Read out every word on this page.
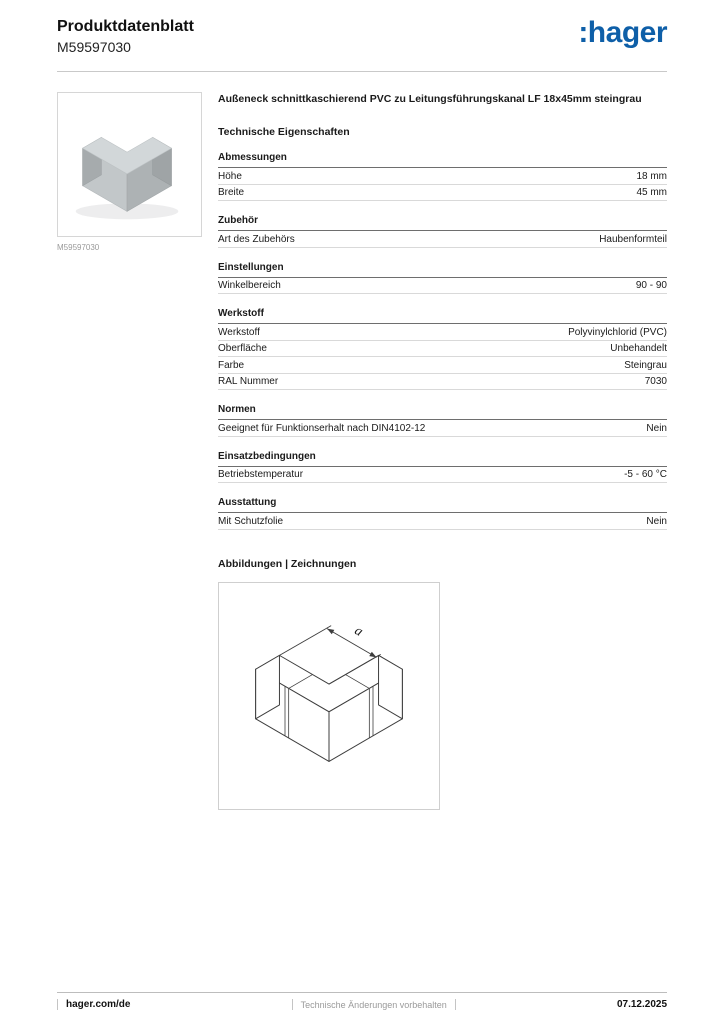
Produktdatenblatt
M59597030	:hager
M59597030
Außeneck schnittkaschierend PVC zu Leitungsführungskanal LF 18x45mm steingrau
Technische Eigenschaften
Abmessungen
Höhe	18 mm
Breite	45 mm
Zubehör
Art des Zubehörs	Haubenformteil
Einstellungen
Winkelbereich	90 - 90
Werkstoff
Werkstoff	Polyvinylchlorid (PVC)
Oberfläche	Unbehandelt
Farbe	Steingrau
RAL Nummer	7030
Normen
Geeignet für Funktionserhalt nach DIN4102-12	Nein
Einsatzbedingungen
Betriebstemperatur	-5 - 60 °C
Ausstattung
Mit Schutzfolie	Nein
Abbildungen | Zeichnungen
a
hager.com/de	Technische Änderungen vorbehalten	07.12.2025
